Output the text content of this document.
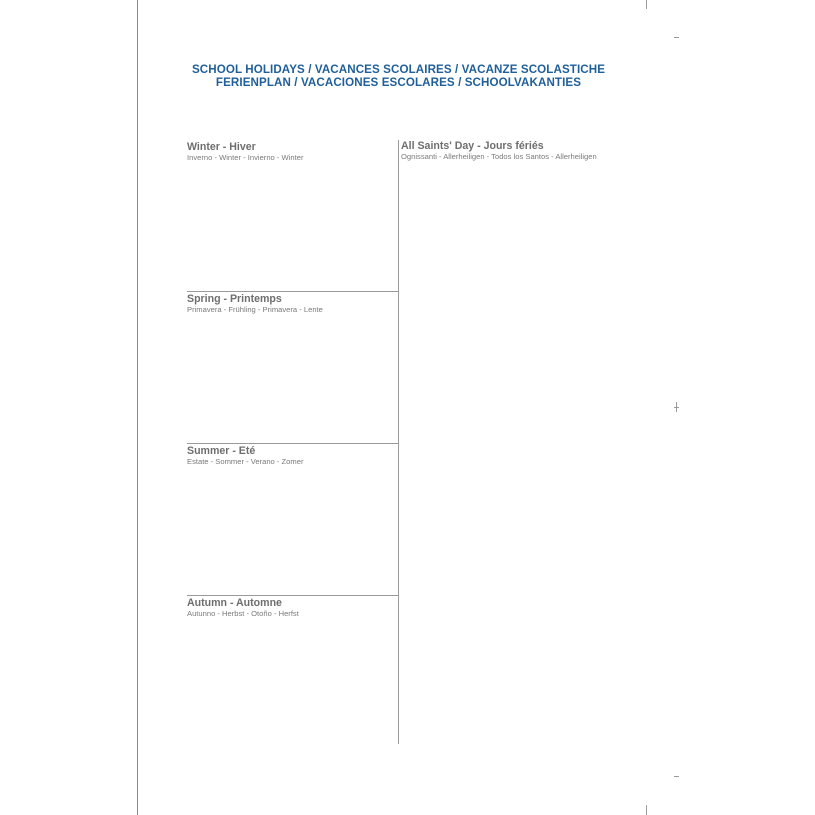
SCHOOL HOLIDAYS / VACANCES SCOLAIRES / VACANZE SCOLASTICHE
FERIENPLAN / VACACIONES ESCOLARES / SCHOOLVAKANTIES
Winter - Hiver
Inverno - Winter - Invierno - Winter
Spring - Printemps
Primavera - Frühling - Primavera - Lente
Summer - Eté
Estate - Sommer - Verano - Zomer
Autumn - Automne
Autunno - Herbst - Otoño - Herfst
All Saints' Day - Jours fériés
Ognissanti - Allerheiligen - Todos los Santos - Allerheiligen
